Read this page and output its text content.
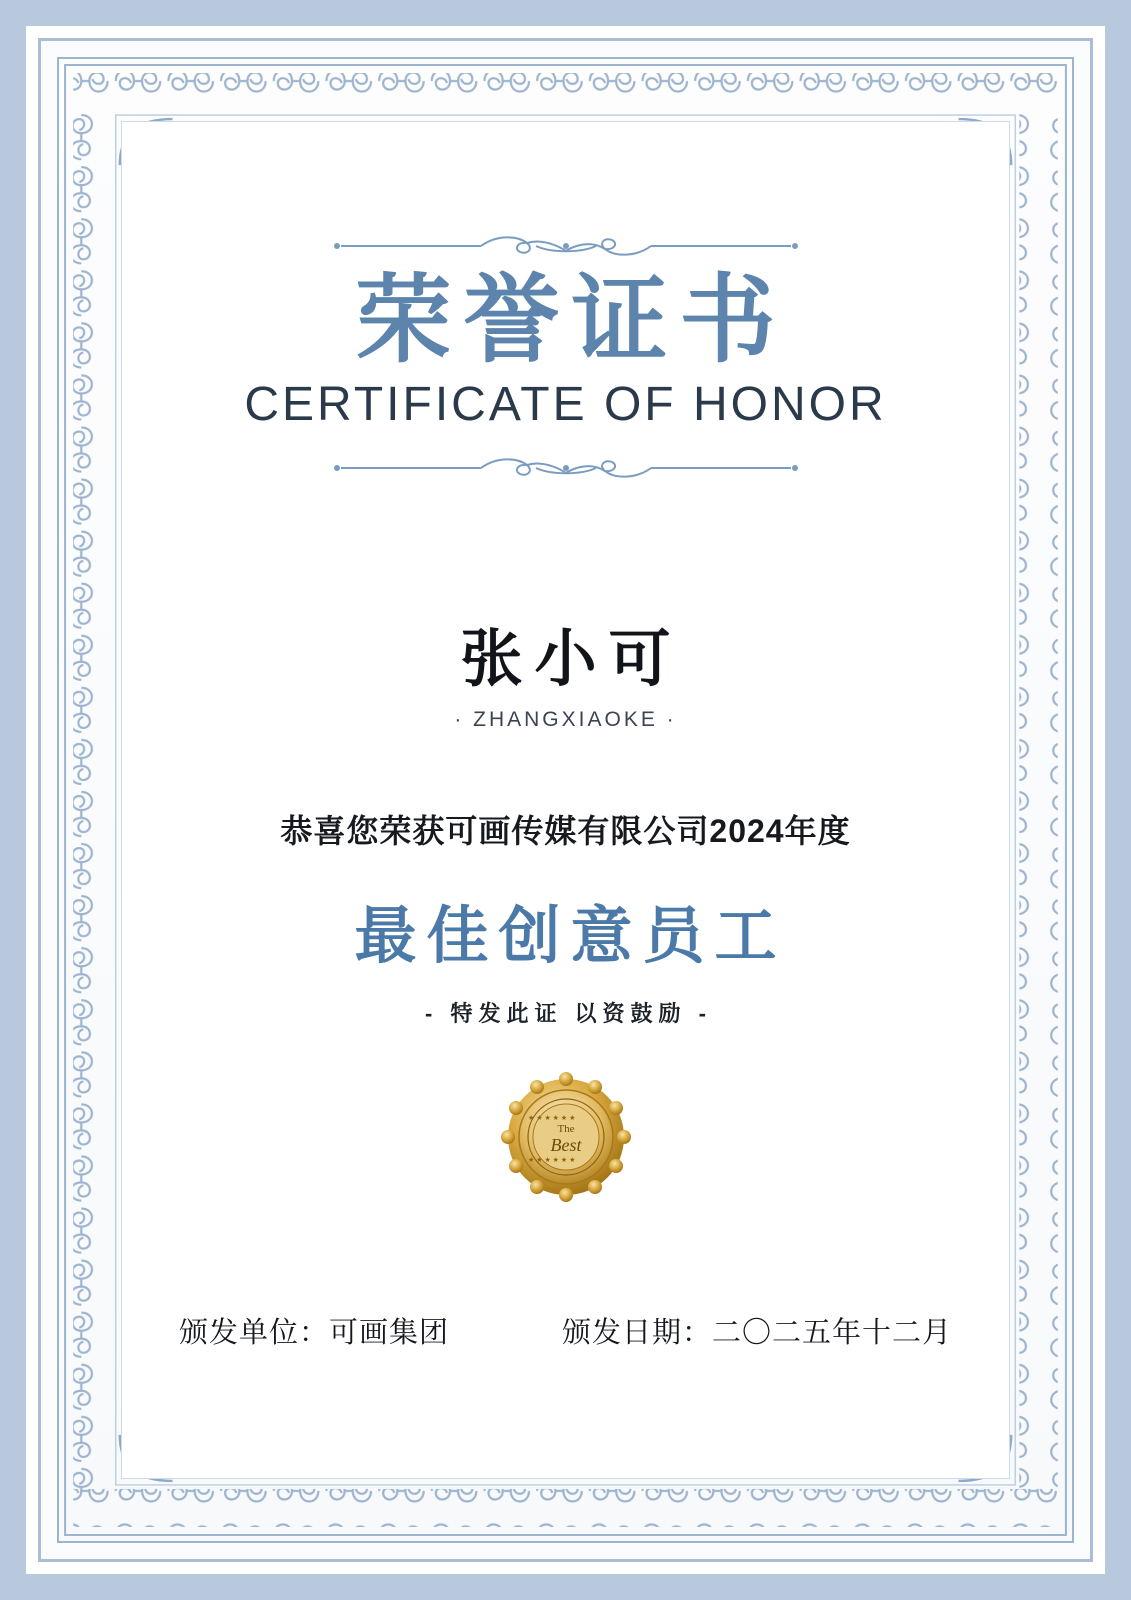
荣誉证书
CERTIFICATE OF HONOR
张小可
· ZHANGXIAOKE ·
恭喜您荣获可画传媒有限公司2024年度
最佳创意员工
- 特发此证 以资鼓励 -
★ ★ ★ ★ ★ ★
★ ★ ★ ★ ★ ★
The
Best
颁发单位：可画集团	颁发日期：二〇二五年十二月
